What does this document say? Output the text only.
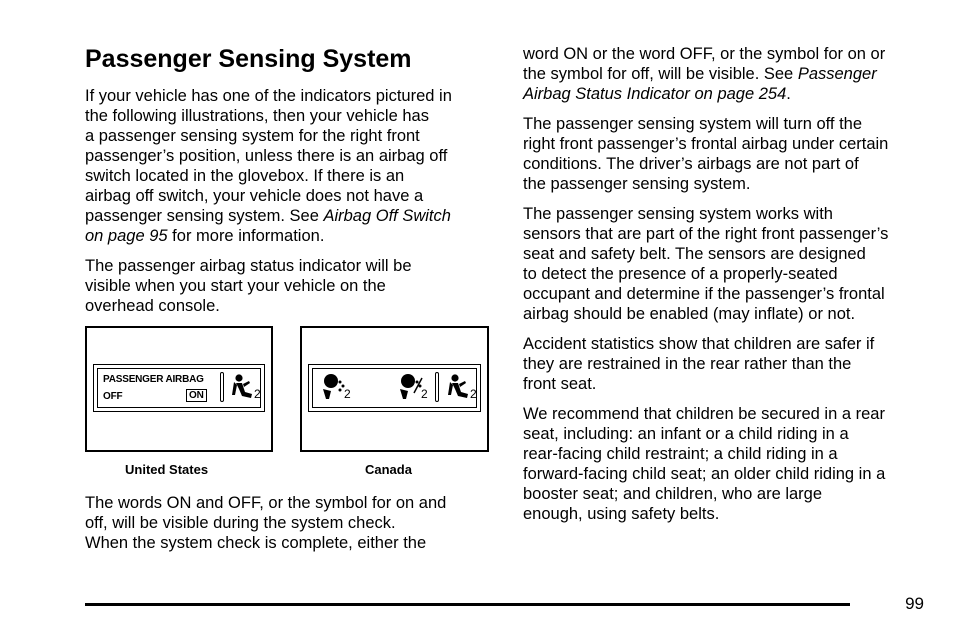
Passenger Sensing System

If your vehicle has one of the indicators pictured in
the following illustrations, then your vehicle has
a passenger sensing system for the right front
passenger’s position, unless there is an airbag off
switch located in the glovebox. If there is an
airbag off switch, your vehicle does not have a
passenger sensing system. See Airbag Off Switch
on page 95 for more information.

The passenger airbag status indicator will be
visible when you start your vehicle on the
overhead console.

PASSENGER AIRBAG
OFF	ON	2	2	2	2
United States	Canada

The words ON and OFF, or the symbol for on and
off, will be visible during the system check.
When the system check is complete, either the

word ON or the word OFF, or the symbol for on or
the symbol for off, will be visible. See Passenger
Airbag Status Indicator on page 254.

The passenger sensing system will turn off the
right front passenger’s frontal airbag under certain
conditions. The driver’s airbags are not part of
the passenger sensing system.

The passenger sensing system works with
sensors that are part of the right front passenger’s
seat and safety belt. The sensors are designed
to detect the presence of a properly-seated
occupant and determine if the passenger’s frontal
airbag should be enabled (may inflate) or not.

Accident statistics show that children are safer if
they are restrained in the rear rather than the
front seat.

We recommend that children be secured in a rear
seat, including: an infant or a child riding in a
rear-facing child restraint; a child riding in a
forward-facing child seat; an older child riding in a
booster seat; and children, who are large
enough, using safety belts.

99
